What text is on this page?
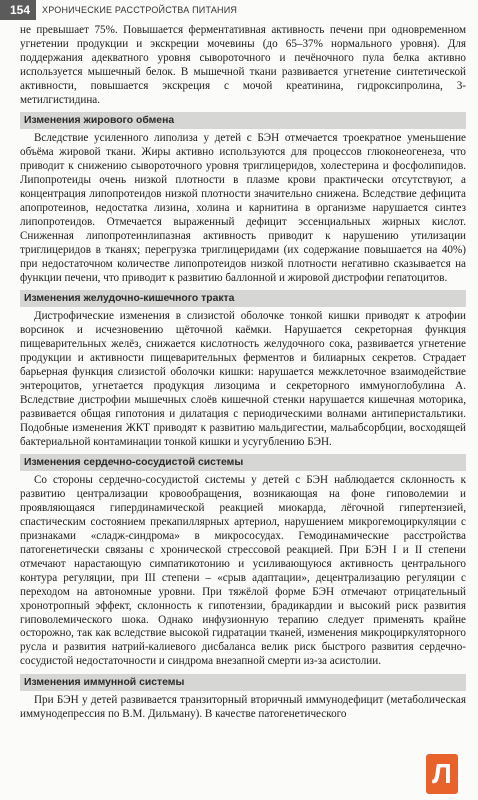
154	ХРОНИЧЕСКИЕ РАССТРОЙСТВА ПИТАНИЯ

не превышает 75%. Повышается ферментативная активность печени при одновременном угнетении продукции и экскреции мочевины (до 65–37% нормального уровня). Для поддержания адекватного уровня сывороточного и печёночного пула белка активно используется мышечный белок. В мышечной ткани развивается угнетение синтетической активности, повышается экскреция с мочой креатинина, гидроксипролина, 3-метилгистидина.

Изменения жирового обмена

Вследствие усиленного липолиза у детей с БЭН отмечается троекратное уменьшение объёма жировой ткани. Жиры активно используются для процессов глюконеогенеза, что приводит к снижению сывороточного уровня триглицеридов, холестерина и фосфолипидов. Липопротеиды очень низкой плотности в плазме крови практически отсутствуют, а концентрация липопротеидов низкой плотности значительно снижена. Вследствие дефицита апопротеинов, недостатка лизина, холина и карнитина в организме нарушается синтез липопротеидов. Отмечается выраженный дефицит эссенциальных жирных кислот. Сниженная липопротеинлипазная активность приводит к нарушению утилизации триглицеридов в тканях; перегрузка триглицеридами (их содержание повышается на 40%) при недостаточном количестве липопротеидов низкой плотности негативно сказывается на функции печени, что приводит к развитию баллонной и жировой дистрофии гепатоцитов.

Изменения желудочно-кишечного тракта

Дистрофические изменения в слизистой оболочке тонкой кишки приводят к атрофии ворсинок и исчезновению щёточной каёмки. Нарушается секреторная функция пищеварительных желёз, снижается кислотность желудочного сока, развивается угнетение продукции и активности пищеварительных ферментов и билиарных секретов. Страдает барьерная функция слизистой оболочки кишки: нарушается межклеточное взаимодействие энтероцитов, угнетается продукция лизоцима и секреторного иммуноглобулина А. Вследствие дистрофии мышечных слоёв кишечной стенки нарушается кишечная моторика, развивается общая гипотония и дилатация с периодическими волнами антиперистальтики. Подобные изменения ЖКТ приводят к развитию мальдигестии, мальабсорбции, восходящей бактериальной контаминации тонкой кишки и усугублению БЭН.

Изменения сердечно-сосудистой системы

Со стороны сердечно-сосудистой системы у детей с БЭН наблюдается склонность к развитию централизации кровообращения, возникающая на фоне гиповолемии и проявляющаяся гипердинамической реакцией миокарда, лёгочной гипертензией, спастическим состоянием прекапиллярных артериол, нарушением микрогемоциркуляции с признаками «сладж-синдрома» в микрососудах. Гемодинамические расстройства патогенетически связаны с хронической стрессовой реакцией. При БЭН I и II степени отмечают нарастающую симпатикотонию и усиливающуюся активность центрального контура регуляции, при III степени – «срыв адаптации», децентрализацию регуляции с переходом на автономные уровни. При тяжёлой форме БЭН отмечают отрицательный хронотропный эффект, склонность к гипотензии, брадикардии и высокий риск развития гиповолемического шока. Однако инфузионную терапию следует применять крайне осторожно, так как вследствие высокой гидратации тканей, изменения микроциркуляторного русла и развития натрий-калиевого дисбаланса велик риск быстрого развития сердечно-сосудистой недостаточности и синдрома внезапной смерти из-за асистолии.

Изменения иммунной системы

При БЭН у детей развивается транзиторный вторичный иммунодефицит (метаболическая иммунодепрессия по В.М. Дильману). В качестве патогенетического

Л
